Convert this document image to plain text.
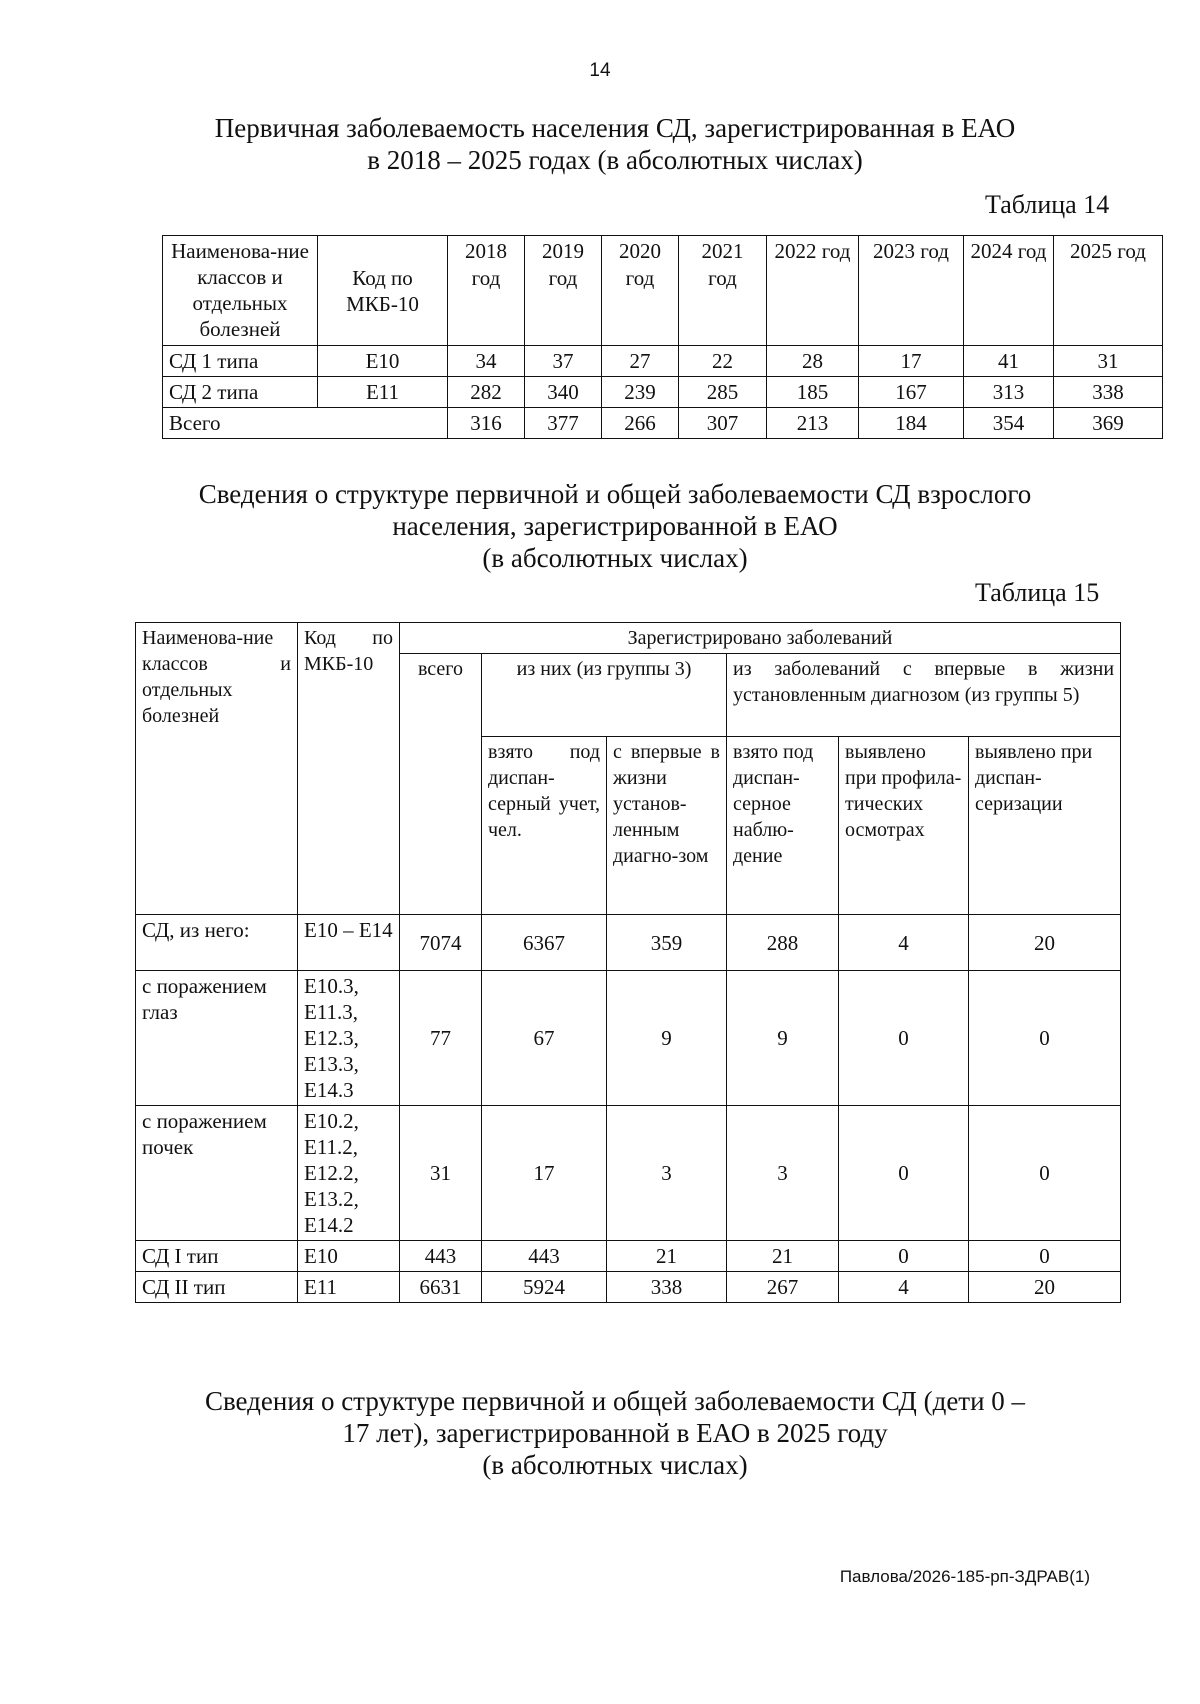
14
Первичная заболеваемость населения СД, зарегистрированная в ЕАО
в 2018 – 2025 годах (в абсолютных числах)
Таблица 14
Наименова-ние классов и отдельных болезней	Код по МКБ-10	2018 год	2019 год	2020 год	2021 год	2022 год	2023 год	2024 год	2025 год
СД 1 типа	E10	34	37	27	22	28	17	41	31
СД 2 типа	E11	282	340	239	285	185	167	313	338
Всего		316	377	266	307	213	184	354	369
Сведения о структуре первичной и общей заболеваемости СД взрослого
населения, зарегистрированной в ЕАО
(в абсолютных числах)
Таблица 15
Наименова-ние классов и отдельных болезней	Код по МКБ-10	Зарегистрировано заболеваний					
		всего	из них (из группы 3)		из заболеваний с впервые в жизни установленным диагнозом (из группы 5)		
			взято под диспан-серный учет, чел.	с впервые в жизни установ-ленным диагно-зом	взято под диспан-серное наблю-дение	выявлено при профила-тических осмотрах	выявлено при диспан-серизации
СД, из него:	E10 – E14	7074	6367	359	288	4	20
с поражением глаз	E10.3, E11.3, E12.3, E13.3, E14.3	77	67	9	9	0	0
с поражением почек	E10.2, E11.2, E12.2, E13.2, E14.2	31	17	3	3	0	0
СД I тип	E10	443	443	21	21	0	0
СД II тип	E11	6631	5924	338	267	4	20
Сведения о структуре первичной и общей заболеваемости СД (дети 0 –
17 лет), зарегистрированной в ЕАО в 2025 году
(в абсолютных числах)
Павлова/2026-185-рп-ЗДРАВ(1)
